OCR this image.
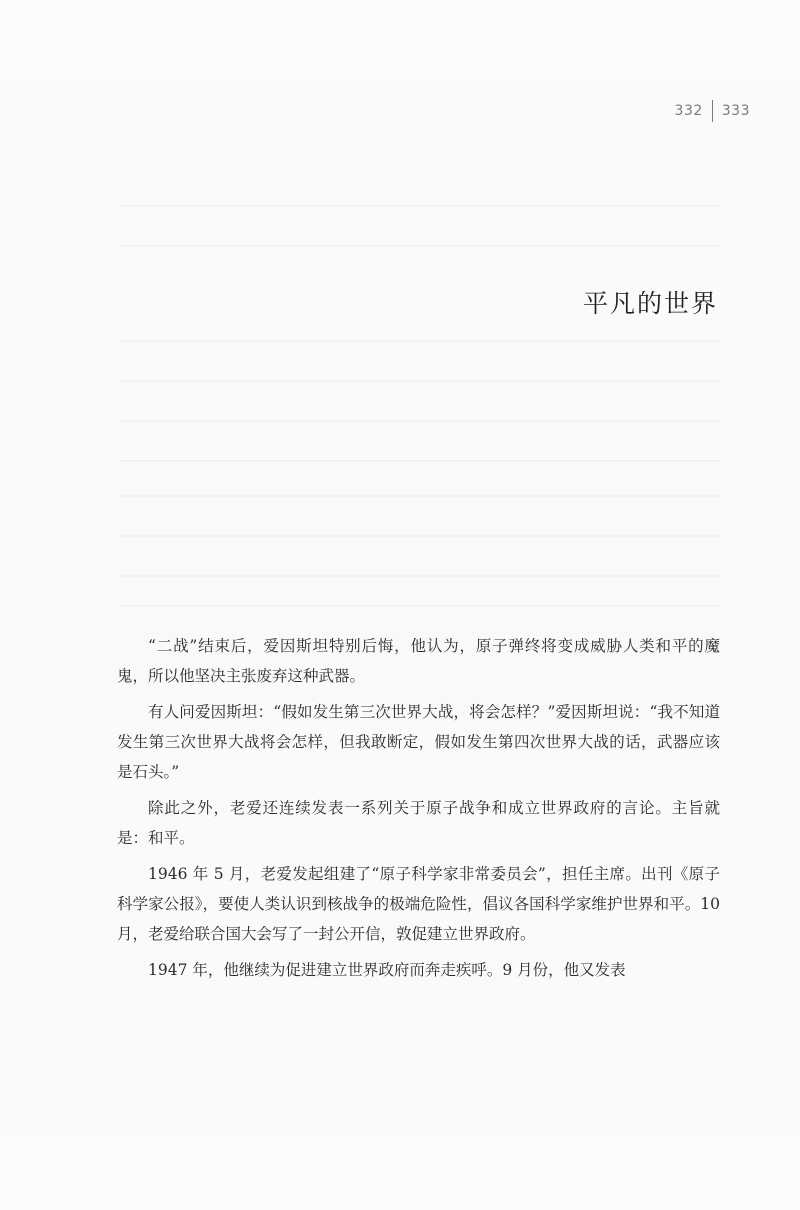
332 333
平凡的世界

“二战”结束后，爱因斯坦特别后悔，他认为，原子弹终将变成威胁人类和平的魔鬼，所以他坚决主张废弃这种武器。

有人问爱因斯坦：“假如发生第三次世界大战，将会怎样？”爱因斯坦说：“我不知道发生第三次世界大战将会怎样，但我敢断定，假如发生第四次世界大战的话，武器应该是石头。”

除此之外，老爱还连续发表一系列关于原子战争和成立世界政府的言论。主旨就是：和平。

1946 年 5 月，老爱发起组建了“原子科学家非常委员会”，担任主席。出刊《原子科学家公报》，要使人类认识到核战争的极端危险性，倡议各国科学家维护世界和平。10 月，老爱给联合国大会写了一封公开信，敦促建立世界政府。

1947 年，他继续为促进建立世界政府而奔走疾呼。9 月份，他又发表
